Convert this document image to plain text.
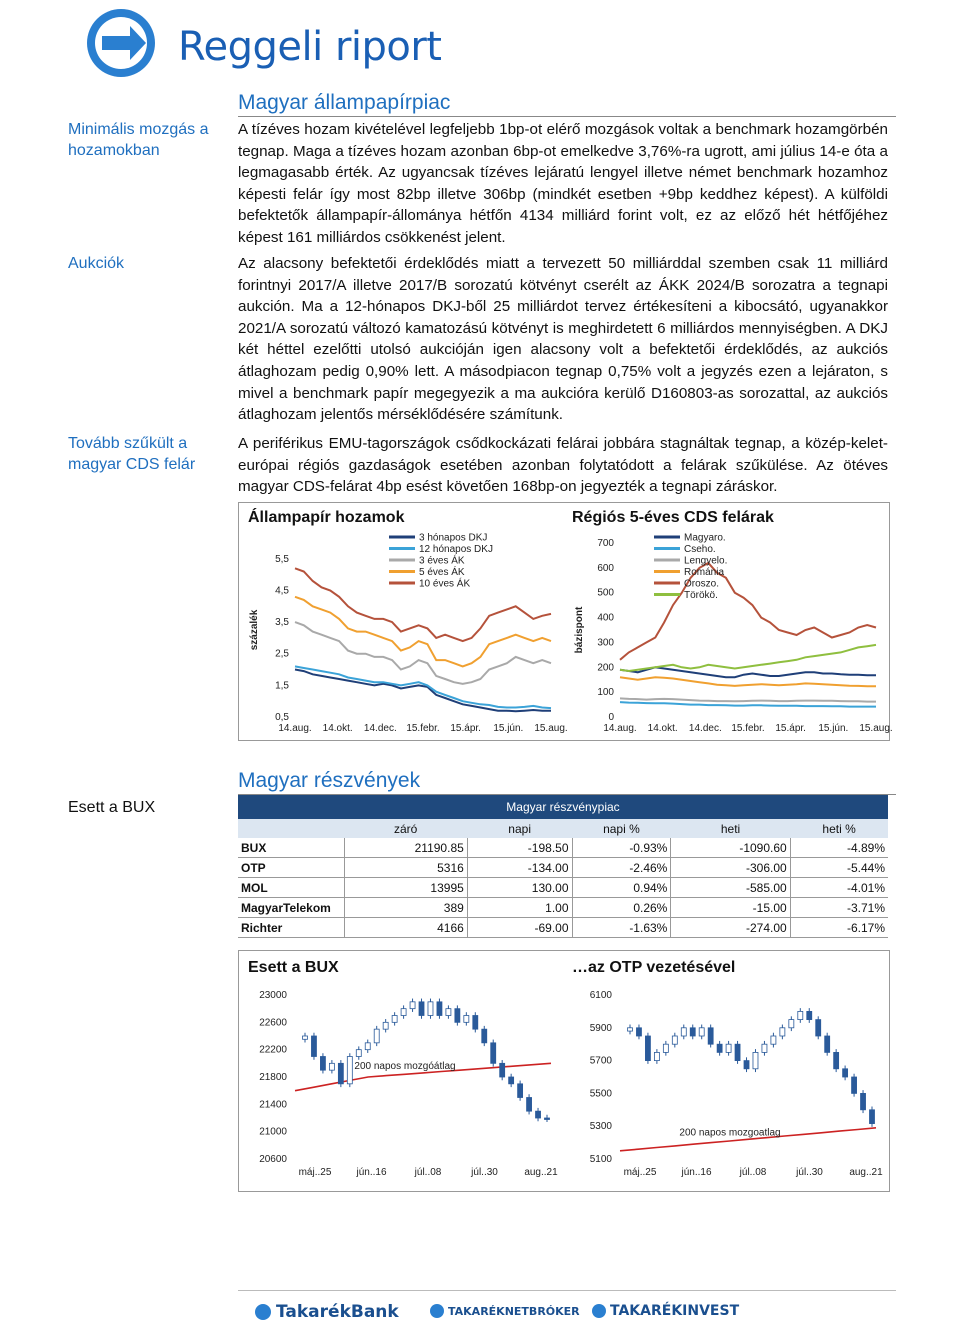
Reggeli riport
Magyar állampapírpiac
Minimális mozgás a hozamokban
Aukciók
Tovább szűkült a magyar CDS felár
A tízéves hozam kivételével legfeljebb 1bp-ot elérő mozgások voltak a benchmark hozamgörbén tegnap. Maga a tízéves hozam azonban 6bp-ot emelkedve 3,76%-ra ugrott, ami július 14-e óta a legmagasabb érték. Az ugyancsak tízéves lejáratú lengyel illetve német benchmark hozamhoz képesti felár így most 82bp illetve 306bp (mindkét esetben +9bp keddhez képest). A külföldi befektetők állampapír-állománya hétfőn 4134 milliárd forint volt, ez az előző hét hétfőjéhez képest 161 milliárdos csökkenést jelent.
Az alacsony befektetői érdeklődés miatt a tervezett 50 milliárddal szemben csak 11 milliárd forintnyi 2017/A illetve 2017/B sorozatú kötvényt cserélt az ÁKK 2024/B sorozatra a tegnapi aukción. Ma a 12-hónapos DKJ-ből 25 milliárdot tervez értékesíteni a kibocsátó, ugyanakkor 2021/A sorozatú változó kamatozású kötvényt is meghirdetett 6 milliárdos mennyiségben. A DKJ két héttel ezelőtti utolsó aukcióján igen alacsony volt a befektetői érdeklődés, az aukciós átlaghozam pedig 0,90% lett. A másodpiacon tegnap 0,75% volt a jegyzés ezen a lejáraton, s mivel a benchmark papír megegyezik a ma aukcióra kerülő D160803-as sorozattal, az aukciós átlaghozam jelentős mérséklődésére számítunk.
A periférikus EMU-tagországok csődkockázati felárai jobbára stagnáltak tegnap, a közép-kelet-európai régiós gazdaságok esetében azonban folytatódott a felárak szűkülése. Az ötéves magyar CDS-felárat 4bp esést követően 168bp-on jegyezték a tegnapi záráskor.
Állampapír hozamok	Régiós 5-éves CDS felárak
százalék
5,5
4,5
3,5
2,5
1,5
0,5
14.aug. 14.okt. 14.dec. 15.febr. 15.ápr. 15.jún. 15.aug.
3 hónapos DKJ
12 hónapos DKJ
3 éves ÁK
5 éves ÁK
10 éves ÁK
bázispont
700
600
500
400
300
200
100
0
14.aug. 14.okt. 14.dec. 15.febr. 15.ápr. 15.jún. 15.aug.
Magyaro.
Cseho.
Lengyelo.
Románia
Oroszo.
Törökö.
Magyar részvények
Esett a BUX	Magyar részvénypiac					
	záró	napi	napi %	heti	heti %
BUX	21190.85	-198.50	-0.93%	-1090.60	-4.89%
OTP	5316	-134.00	-2.46%	-306.00	-5.44%
MOL	13995	130.00	0.94%	-585.00	-4.01%
MagyarTelekom	389	1.00	0.26%	-15.00	-3.71%
Richter	4166	-69.00	-1.63%	-274.00	-6.17%
Esett a BUX	…az OTP vezetésével
23000
22600
22200
21800
21400
21000
20600
máj..25	jún..16	júl..08	júl..30	aug..21
200 napos mozgóátlag
6100
5900
5700
5500
5300
5100
máj..25	jún..16	júl..08	júl..30	aug..21
200 napos mozgoatlag
TakarékBank	TAKARÉKNETBRÓKER TAKARÉKINVEST
